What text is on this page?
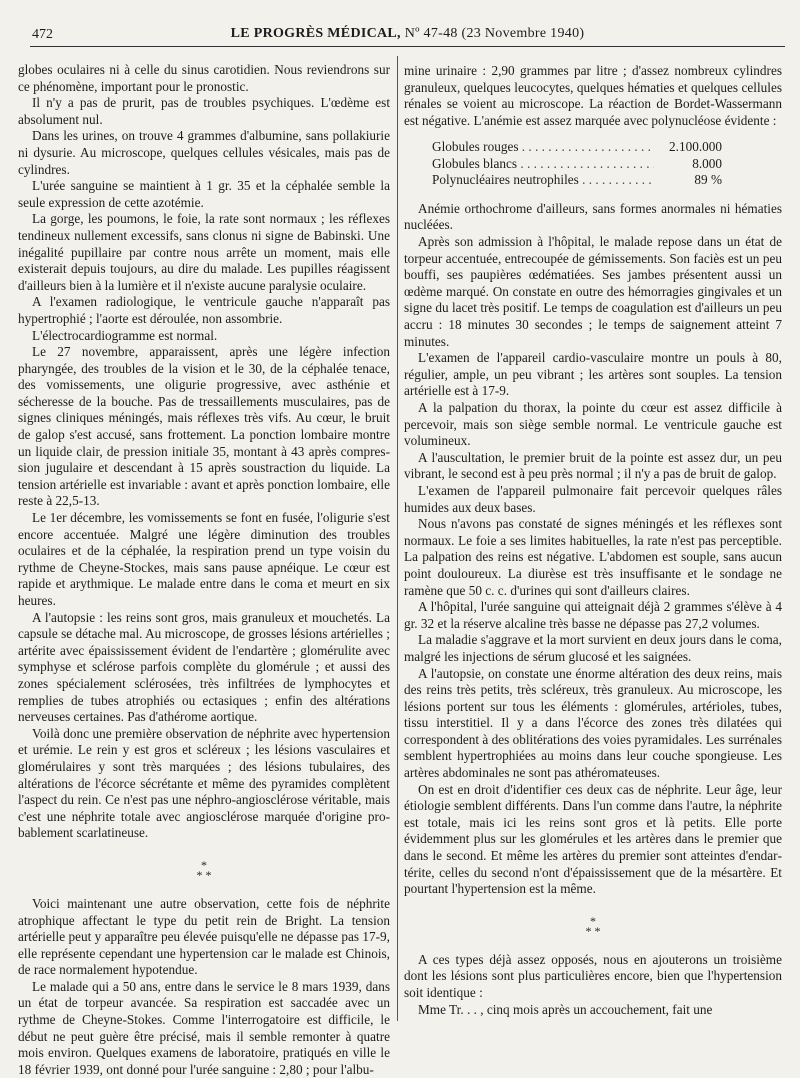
472	LE PROGRÈS MÉDICAL, Nº 47-48 (23 Novembre 1940)

globes oculaires ni à celle du sinus carotidien. Nous reviendrons sur ce phénomène, important pour le pronostic.

Il n'y a pas de prurit, pas de troubles psychiques. L'œdème est absolument nul.

Dans les urines, on trouve 4 grammes d'albumine, sans pollakiurie ni dysurie. Au microscope, quelques cellules vésicales, mais pas de cylindres.

L'urée sanguine se maintient à 1 gr. 35 et la céphalée semble la seule expression de cette azotémie.

La gorge, les poumons, le foie, la rate sont normaux ; les réflexes tendineux nullement excessifs, sans clonus ni signe de Babinski. Une inégalité pupillaire par contre nous arrête un moment, mais elle existerait depuis toujours, au dire du malade. Les pupilles réagissent d'ailleurs bien à la lumière et il n'existe aucune paralysie oculaire.

A l'examen radiologique, le ventricule gauche n'apparaît pas hypertrophié ; l'aorte est déroulée, non assombrie.

L'électrocardiogramme est normal.

Le 27 novembre, apparaissent, après une légère infection pharyngée, des troubles de la vision et le 30, de la céphalée tenace, des vomissements, une oligurie progressive, avec asthénie et sécheresse de la bouche. Pas de tressaillements musculaires, pas de signes cliniques méningés, mais réflexes très vifs. Au cœur, le bruit de galop s'est accusé, sans frottement. La ponction lombaire montre un liquide clair, de pression initiale 35, montant à 43 après compression jugulaire et descendant à 15 après soustraction du liquide. La tension artérielle est invariable : avant et après ponction lombaire, elle reste à 22,5-13.

Le 1er décembre, les vomissements se font en fusée, l'oligurie s'est encore accentuée. Malgré une légère diminution des troubles oculaires et de la céphalée, la respiration prend un type voisin du rythme de Cheyne-Stockes, mais sans pause apnéique. Le cœur est rapide et arythmique. Le malade entre dans le coma et meurt en six heures.

A l'autopsie : les reins sont gros, mais granuleux et mouchetés. La capsule se détache mal. Au microscope, de grosses lésions artérielles ; artérite avec épaississement évident de l'endartère ; glomérulite avec symphyse et sclérose parfois complète du glomérule ; et aussi des zones spécialement sclérosées, très infiltrées de lymphocytes et remplies de tubes atrophiés ou ectasiques ; enfin des altérations nerveuses certaines. Pas d'athérome aortique.

Voilà donc une première observation de néphrite avec hypertension et urémie. Le rein y est gros et scléreux ; les lésions vasculaires et glomérulaires y sont très marquées ; des lésions tubulaires, des altérations de l'écorce sécrétante et même des pyramides complètent l'aspect du rein. Ce n'est pas une néphro-angiosclérose véritable, mais c'est une néphrite totale avec angiosclérose marquée d'origine probablement scarlatineuse.

*
* *

Voici maintenant une autre observation, cette fois de néphrite atrophique affectant le type du petit rein de Bright. La tension artérielle peut y apparaître peu élevée puisqu'elle ne dépasse pas 17-9, elle représente cependant une hypertension car le malade est Chinois, de race normalement hypotendue.

Le malade qui a 50 ans, entre dans le service le 8 mars 1939, dans un état de torpeur avancée. Sa respiration est saccadée avec un rythme de Cheyne-Stokes. Comme l'interrogatoire est difficile, le début ne peut guère être précisé, mais il semble remonter à quatre mois environ. Quelques examens de laboratoire, pratiqués en ville le 18 février 1939, ont donné pour l'urée sanguine : 2,80 ; pour l'albu-

mine urinaire : 2,90 grammes par litre ; d'assez nombreux cylindres granuleux, quelques leucocytes, quelques hématies et quelques cellules rénales se voient au microscope. La réaction de Bordet-Wassermann est négative. L'anémie est assez marquée avec polynucléose évidente :

Globules rouges . . .	2.100.000
Globules blancs . . .	8.000
Polynucléaires neutrophiles . . .	89 %

Anémie orthochrome d'ailleurs, sans formes anormales ni hématies nucléées.

Après son admission à l'hôpital, le malade repose dans un état de torpeur accentuée, entrecoupée de gémissements. Son faciès est un peu bouffi, ses paupières œdématiées. Ses jambes présentent aussi un œdème marqué. On constate en outre des hémorragies gingivales et un signe du lacet très positif. Le temps de coagulation est d'ailleurs un peu accru : 18 minutes 30 secondes ; le temps de saignement atteint 7 minutes.

L'examen de l'appareil cardio-vasculaire montre un pouls à 80, régulier, ample, un peu vibrant ; les artères sont souples. La tension artérielle est à 17-9.

A la palpation du thorax, la pointe du cœur est assez difficile à percevoir, mais son siège semble normal. Le ventricule gauche est volumineux.

A l'auscultation, le premier bruit de la pointe est assez dur, un peu vibrant, le second est à peu près normal ; il n'y a pas de bruit de galop.

L'examen de l'appareil pulmonaire fait percevoir quelques râles humides aux deux bases.

Nous n'avons pas constaté de signes méningés et les réflexes sont normaux. Le foie a ses limites habituelles, la rate n'est pas perceptible. La palpation des reins est négative. L'abdomen est souple, sans aucun point douloureux. La diurèse est très insuffisante et le sondage ne ramène que 50 c. c. d'urines qui sont d'ailleurs claires.

A l'hôpital, l'urée sanguine qui atteignait déjà 2 grammes s'élève à 4 gr. 32 et la réserve alcaline très basse ne dépasse pas 27,2 volumes.

La maladie s'aggrave et la mort survient en deux jours dans le coma, malgré les injections de sérum glucosé et les saignées.

A l'autopsie, on constate une énorme altération des deux reins, mais des reins très petits, très scléreux, très granuleux. Au microscope, les lésions portent sur tous les éléments : glomérules, artérioles, tubes, tissu interstitiel. Il y a dans l'écorce des zones très dilatées qui correspondent à des oblitérations des voies pyramidales. Les surrénales semblent hypertrophiées au moins dans leur couche spongieuse. Les artères abdominales ne sont pas athéromateuses.

On est en droit d'identifier ces deux cas de néphrite. Leur âge, leur étiologie semblent différents. Dans l'un comme dans l'autre, la néphrite est totale, mais ici les reins sont gros et là petits. Elle porte évidemment plus sur les glomérules et les artères dans le premier que dans le second. Et même les artères du premier sont atteintes d'endartérite, celles du second n'ont d'épaississement que de la mésartère. Et pourtant l'hypertension est la même.

*
* *

A ces types déjà assez opposés, nous en ajouterons un troisième dont les lésions sont plus particulières encore, bien que l'hypertension soit identique :

Mme Tr. . . , cinq mois après un accouchement, fait une
